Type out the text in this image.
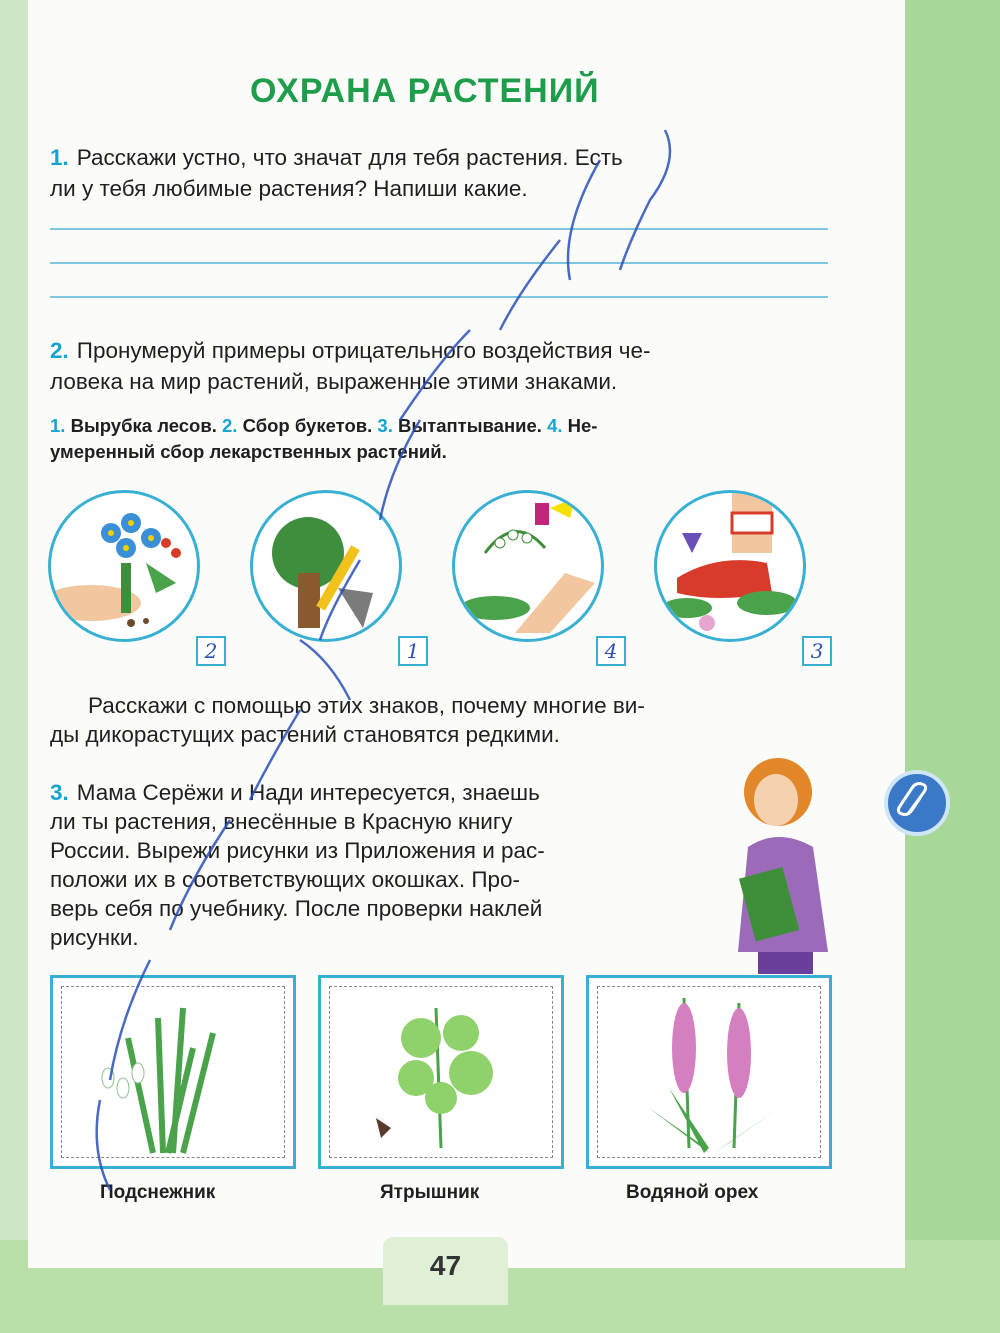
ОХРАНА РАСТЕНИЙ
1. Расскажи устно, что значат для тебя растения. Есть
ли у тебя любимые растения? Напиши какие.
2. Пронумеруй примеры отрицательного воздействия че-
ловека на мир растений, выраженные этими знаками.
1. Вырубка лесов. 2. Сбор букетов. 3. Вытаптывание. 4. Не-
умеренный сбор лекарственных растений.
2	1	4	3
Расскажи с помощью этих знаков, почему многие ви-
ды дикорастущих растений становятся редкими.
3. Мама Серёжи и Нади интересуется, знаешь
ли ты растения, внесённые в Красную книгу
России. Вырежи рисунки из Приложения и рас-
положи их в соответствующих окошках. Про-
верь себя по учебнику. После проверки наклей
рисунки.
Подснежник	Ятрышник	Водяной орех
47
